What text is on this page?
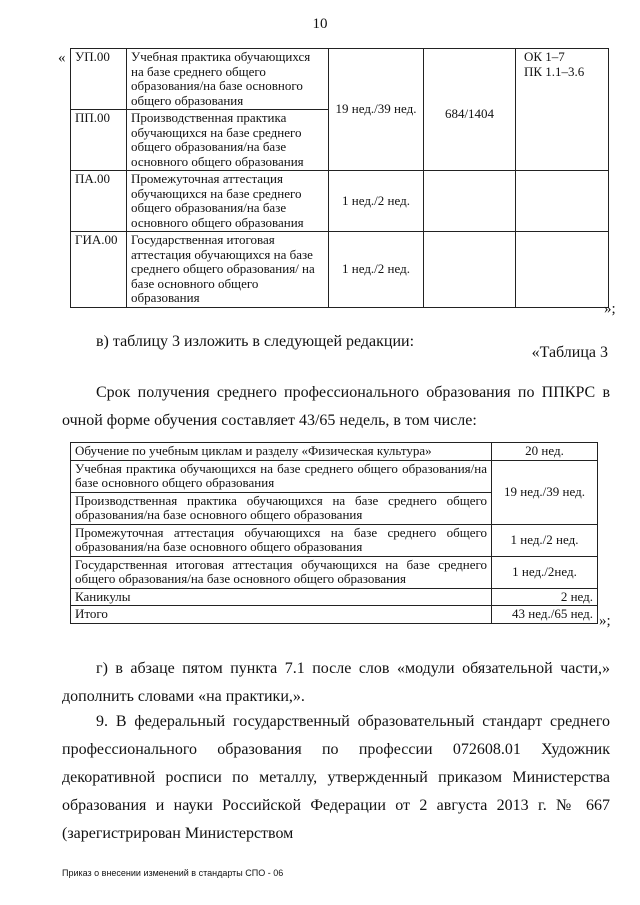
10
« УП.00	Учебная практика обучающихся на базе среднего общего образования/на базе основного общего образования	19 нед./39 нед.	684/1404	ОК 1–7
ПК 1.1–3.6
ПП.00	Производственная практика обучающихся на базе среднего общего образования/на базе основного общего образования			
ПА.00	Промежуточная аттестация обучающихся на базе среднего общего образования/на базе основного общего образования	1 нед./2 нед.		
ГИА.00	Государственная итоговая аттестация обучающихся на базе среднего общего образования/ на базе основного общего образования	1 нед./2 нед.		
»;
в) таблицу 3 изложить в следующей редакции:
«Таблица 3
Срок получения среднего профессионального образования по ППКРС в очной форме обучения составляет 43/65 недель, в том числе:
Обучение по учебным циклам и разделу «Физическая культура»	20 нед.
Учебная практика обучающихся на базе среднего общего образования/на базе основного общего образования	19 нед./39 нед.
Производственная практика обучающихся на базе среднего общего образования/на базе основного общего образования	
Промежуточная аттестация обучающихся на базе среднего общего образования/на базе основного общего образования	1 нед./2 нед.
Государственная итоговая аттестация обучающихся на базе среднего общего образования/на базе основного общего образования	1 нед./2нед.
Каникулы	2 нед.
Итого	43 нед./65 нед. »;
г) в абзаце пятом пункта 7.1 после слов «модули обязательной части,» дополнить словами «на практики,».
9. В федеральный государственный образовательный стандарт среднего профессионального образования по профессии 072608.01 Художник декоративной росписи по металлу, утвержденный приказом Министерства образования и науки Российской Федерации от 2 августа 2013 г. № 667 (зарегистрирован Министерством
Приказ о внесении изменений в стандарты СПО - 06
